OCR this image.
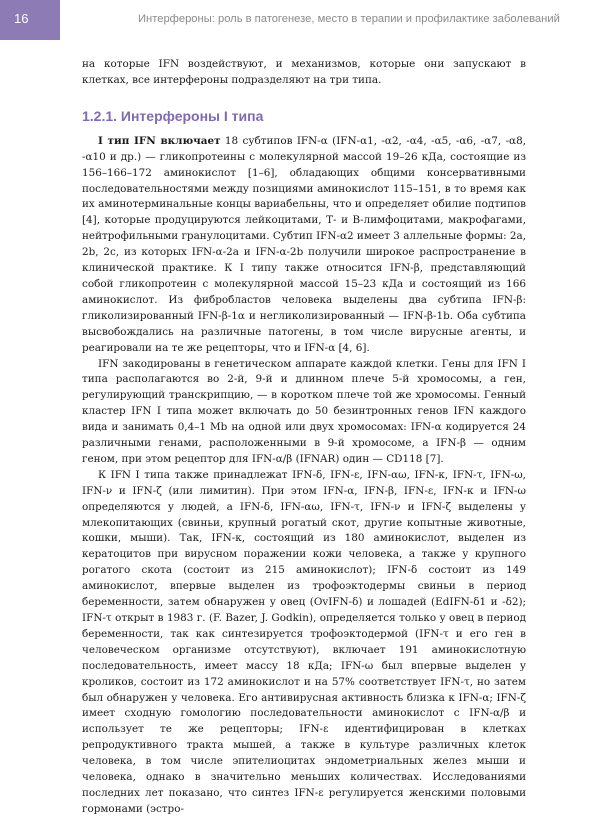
16	Интерфероны: роль в патогенезе, место в терапии и профилактике заболеваний

на которые IFN воздействуют, и механизмов, которые они запускают в клетках, все интерфероны подразделяют на три типа.

1.2.1. Интерфероны I типа

I тип IFN включает 18 субтипов IFN-α (IFN-α1, -α2, -α4, -α5, -α6, -α7, -α8, -α10 и др.) — гликопротеины с молекулярной массой 19–26 кДа, состоящие из 156–166–172 аминокислот [1–6], обладающих общими консервативными последовательностями между позициями аминокислот 115–151, в то время как их аминотерминальные концы вариабельны, что и определяет обилие подтипов [4], которые продуцируются лейкоцитами, Т- и В-лимфоцитами, макрофагами, нейтрофильными гранулоцитами. Субтип IFN-α2 имеет 3 аллельные формы: 2a, 2b, 2c, из которых IFN-α-2a и IFN-α-2b получили широкое распространение в клинической практике. К I типу также относится IFN-β, представляющий собой гликопротеин с молекулярной массой 15–23 кДа и состоящий из 166 аминокислот. Из фибробластов человека выделены два субтипа IFN-β: гликолизированный IFN-β-1α и негликолизированный — IFN-β-1b. Оба субтипа высвобождались на различные патогены, в том числе вирусные агенты, и реагировали на те же рецепторы, что и IFN-α [4, 6].

IFN закодированы в генетическом аппарате каждой клетки. Гены для IFN I типа располагаются во 2-й, 9-й и длинном плече 5-й хромосомы, а ген, регулирующий транскрипцию, — в коротком плече той же хромосомы. Генный кластер IFN I типа может включать до 50 безинтронных генов IFN каждого вида и занимать 0,4–1 Mb на одной или двух хромосомах: IFN-α кодируется 24 различными генами, расположенными в 9-й хромосоме, а IFN-β — одним геном, при этом рецептор для IFN-α/β (IFNAR) один — CD118 [7].

К IFN I типа также принадлежат IFN-δ, IFN-ε, IFN-αω, IFN-κ, IFN-τ, IFN-ω, IFN-ν и IFN-ζ (или лимитин). При этом IFN-α, IFN-β, IFN-ε, IFN-κ и IFN-ω определяются у людей, а IFN-δ, IFN-αω, IFN-τ, IFN-ν и IFN-ζ выделены у млекопитающих (свиньи, крупный рогатый скот, другие копытные животные, кошки, мыши). Так, IFN-κ, состоящий из 180 аминокислот, выделен из кератоцитов при вирусном поражении кожи человека, а также у крупного рогатого скота (состоит из 215 аминокислот); IFN-δ состоит из 149 аминокислот, впервые выделен из трофоэктодермы свиньи в период беременности, затем обнаружен у овец (OvIFN-δ) и лошадей (EdIFN-δ1 и -δ2); IFN-τ открыт в 1983 г. (F. Bazer, J. Godkin), определяется только у овец в период беременности, так как синтезируется трофоэктодермой (IFN-τ и его ген в человеческом организме отсутствуют), включает 191 аминокислотную последовательность, имеет массу 18 кДа; IFN-ω был впервые выделен у кроликов, состоит из 172 аминокислот и на 57% соответствует IFN-τ, но затем был обнаружен у человека. Его антивирусная активность близка к IFN-α; IFN-ζ имеет сходную гомологию последовательности аминокислот с IFN-α/β и использует те же рецепторы; IFN-ε идентифицирован в клетках репродуктивного тракта мышей, а также в культуре различных клеток человека, в том числе эпителиоцитах эндометриальных желез мыши и человека, однако в значительно меньших количествах. Исследованиями последних лет показано, что синтез IFN-ε регулируется женскими половыми гормонами (эстро-
